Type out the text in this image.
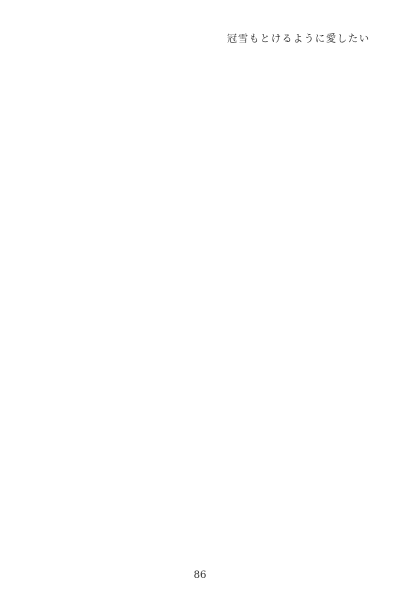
冠雪もとけるように愛したい
86
